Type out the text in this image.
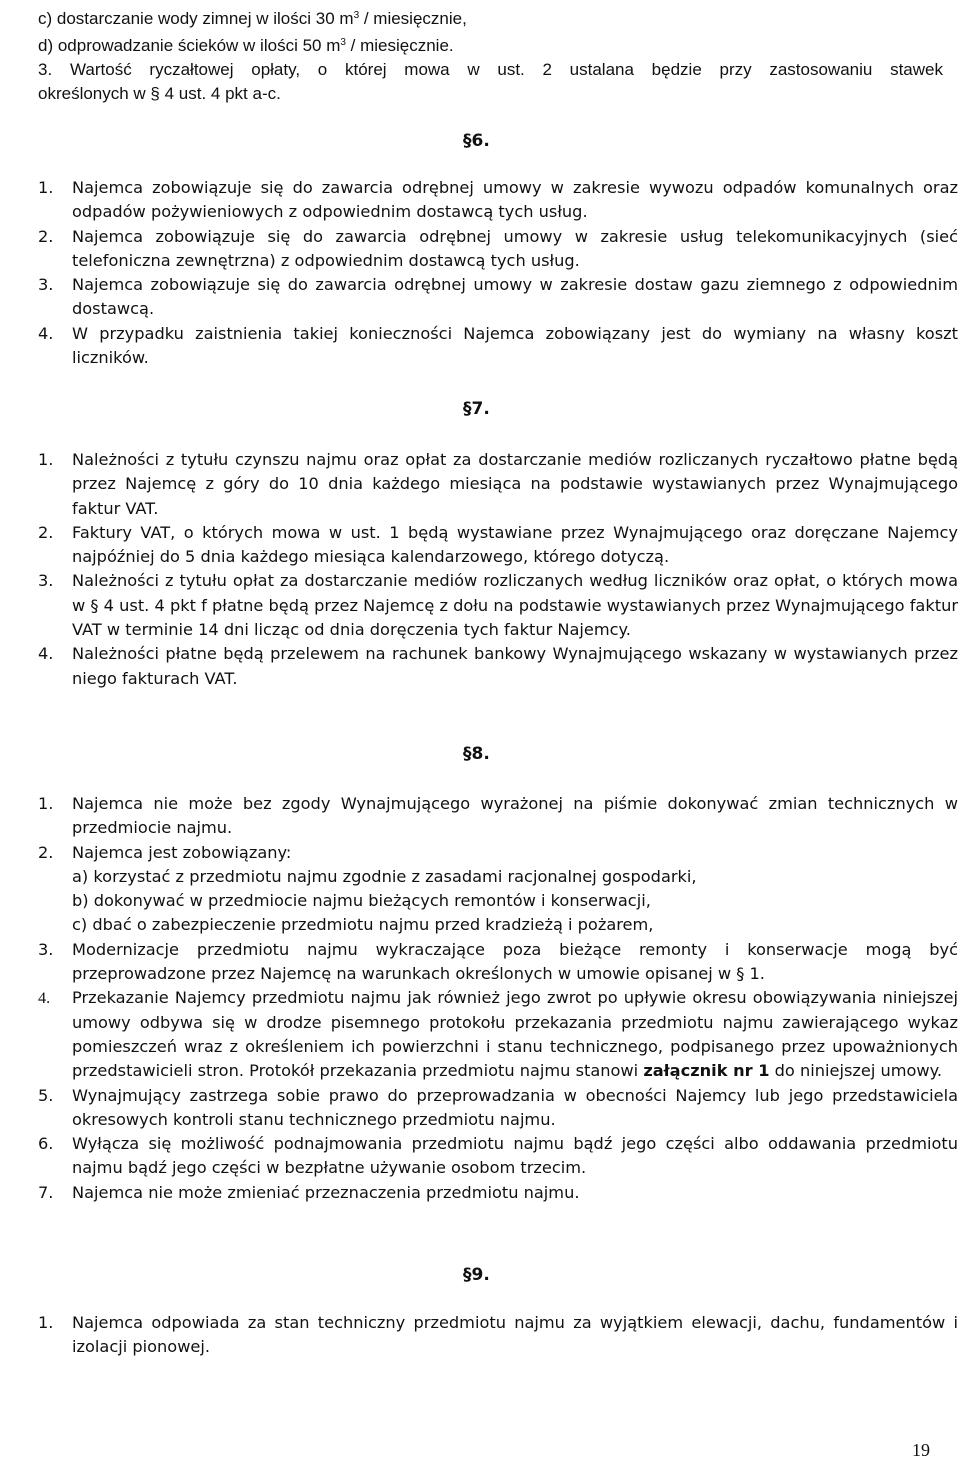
c) dostarczanie wody zimnej w ilości 30 $m^3$ / miesięcznie,
d) odprowadzanie ścieków w ilości 50 $m^3$ / miesięcznie.
3.	Wartość ryczałtowej opłaty, o której mowa w ust. 2 ustalana będzie przy zastosowaniu stawek
określonych w § 4 ust. 4 pkt a-c.
§6.
1.	Najemca zobowiązuje się do zawarcia odrębnej umowy w zakresie wywozu odpadów komunalnych oraz odpadów pożywieniowych z odpowiednim dostawcą tych usług.
2.	Najemca zobowiązuje się do zawarcia odrębnej umowy w zakresie usług telekomunikacyjnych (sieć telefoniczna zewnętrzna) z odpowiednim dostawcą tych usług.
3.	Najemca zobowiązuje się do zawarcia odrębnej umowy w zakresie dostaw gazu ziemnego z odpowiednim dostawcą.
4.	W przypadku zaistnienia takiej konieczności Najemca zobowiązany jest do wymiany na własny koszt liczników.
§7.
1.	Należności z tytułu czynszu najmu oraz opłat za dostarczanie mediów rozliczanych ryczałtowo płatne będą przez Najemcę z góry do 10 dnia każdego miesiąca na podstawie wystawianych przez Wynajmującego faktur VAT.
2.	Faktury VAT, o których mowa w ust. 1 będą wystawiane przez Wynajmującego oraz doręczane Najemcy najpóźniej do 5 dnia każdego miesiąca kalendarzowego, którego dotyczą.
3.	Należności z tytułu opłat za dostarczanie mediów rozliczanych według liczników oraz opłat, o których mowa w § 4 ust. 4 pkt f płatne będą przez Najemcę z dołu na podstawie wystawianych przez Wynajmującego faktur VAT w terminie 14 dni licząc od dnia doręczenia tych faktur Najemcy.
4.	Należności płatne będą przelewem na rachunek bankowy Wynajmującego wskazany w wystawianych przez niego fakturach VAT.
§8.
1.	Najemca nie może bez zgody Wynajmującego wyrażonej na piśmie dokonywać zmian technicznych w przedmiocie najmu.
2.	Najemca jest zobowiązany:
a) korzystać z przedmiotu najmu zgodnie z zasadami racjonalnej gospodarki,
b) dokonywać w przedmiocie najmu bieżących remontów i konserwacji,
c) dbać o zabezpieczenie przedmiotu najmu przed kradzieżą i pożarem,
3.	Modernizacje przedmiotu najmu wykraczające poza bieżące remonty i konserwacje mogą być przeprowadzone przez Najemcę na warunkach określonych w umowie opisanej w § 1.
4.	Przekazanie Najemcy przedmiotu najmu jak również jego zwrot po upływie okresu obowiązywania niniejszej umowy odbywa się w drodze pisemnego protokołu przekazania przedmiotu najmu zawierającego wykaz pomieszczeń wraz z określeniem ich powierzchni i stanu technicznego, podpisanego przez upoważnionych przedstawicieli stron. Protokół przekazania przedmiotu najmu stanowi załącznik nr 1 do niniejszej umowy.
5.	Wynajmujący zastrzega sobie prawo do przeprowadzania w obecności Najemcy lub jego przedstawiciela okresowych kontroli stanu technicznego przedmiotu najmu.
6.	Wyłącza się możliwość podnajmowania przedmiotu najmu bądź jego części albo oddawania przedmiotu najmu bądź jego części w bezpłatne używanie osobom trzecim.
7.	Najemca nie może zmieniać przeznaczenia przedmiotu najmu.
§9.
1.	Najemca odpowiada za stan techniczny przedmiotu najmu za wyjątkiem elewacji, dachu, fundamentów i izolacji pionowej.
19
